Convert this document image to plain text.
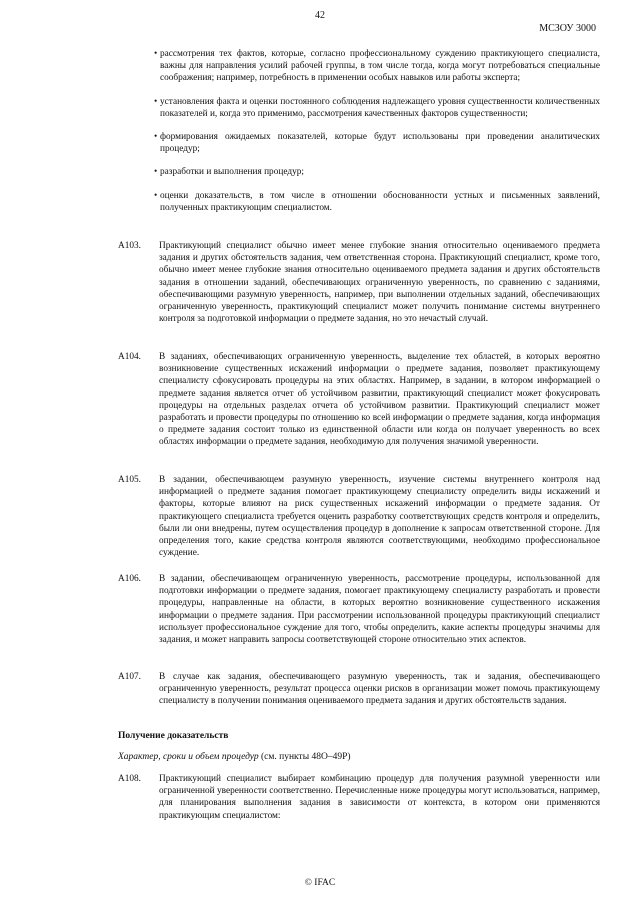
42
МСЗОУ 3000
• рассмотрения тех фактов, которые, согласно профессиональному суждению практикующего специалиста, важны для направления усилий рабочей группы, в том числе тогда, когда могут потребоваться специальные соображения; например, потребность в применении особых навыков или работы эксперта;
• установления факта и оценки постоянного соблюдения надлежащего уровня существенности количественных показателей и, когда это применимо, рассмотрения качественных факторов существенности;
• формирования ожидаемых показателей, которые будут использованы при проведении аналитических процедур;
• разработки и выполнения процедур;
• оценки доказательств, в том числе в отношении обоснованности устных и письменных заявлений, полученных практикующим специалистом.
A103. Практикующий специалист обычно имеет менее глубокие знания относительно оцениваемого предмета задания и других обстоятельств задания, чем ответственная сторона. Практикующий специалист, кроме того, обычно имеет менее глубокие знания относительно оцениваемого предмета задания и других обстоятельств задания в отношении заданий, обеспечивающих ограниченную уверенность, по сравнению с заданиями, обеспечивающими разумную уверенность, например, при выполнении отдельных заданий, обеспечивающих ограниченную уверенность, практикующий специалист может получить понимание системы внутреннего контроля за подготовкой информации о предмете задания, но это нечастый случай.
A104. В заданиях, обеспечивающих ограниченную уверенность, выделение тех областей, в которых вероятно возникновение существенных искажений информации о предмете задания, позволяет практикующему специалисту сфокусировать процедуры на этих областях. Например, в задании, в котором информацией о предмете задания является отчет об устойчивом развитии, практикующий специалист может фокусировать процедуры на отдельных разделах отчета об устойчивом развитии. Практикующий специалист может разработать и провести процедуры по отношению ко всей информации о предмете задания, когда информация о предмете задания состоит только из единственной области или когда он получает уверенность во всех областях информации о предмете задания, необходимую для получения значимой уверенности.
A105. В задании, обеспечивающем разумную уверенность, изучение системы внутреннего контроля над информацией о предмете задания помогает практикующему специалисту определить виды искажений и факторы, которые влияют на риск существенных искажений информации о предмете задания. От практикующего специалиста требуется оценить разработку соответствующих средств контроля и определить, были ли они внедрены, путем осуществления процедур в дополнение к запросам ответственной стороне. Для определения того, какие средства контроля являются соответствующими, необходимо профессиональное суждение.
A106. В задании, обеспечивающем ограниченную уверенность, рассмотрение процедуры, использованной для подготовки информации о предмете задания, помогает практикующему специалисту разработать и провести процедуры, направленные на области, в которых вероятно возникновение существенного искажения информации о предмете задания. При рассмотрении использованной процедуры практикующий специалист использует профессиональное суждение для того, чтобы определить, какие аспекты процедуры значимы для задания, и может направить запросы соответствующей стороне относительно этих аспектов.
A107. В случае как задания, обеспечивающего разумную уверенность, так и задания, обеспечивающего ограниченную уверенность, результат процесса оценки рисков в организации может помочь практикующему специалисту в получении понимания оцениваемого предмета задания и других обстоятельств задания.
Получение доказательств
Характер, сроки и объем процедур (см. пункты 48О–49Р)
A108. Практикующий специалист выбирает комбинацию процедур для получения разумной уверенности или ограниченной уверенности соответственно. Перечисленные ниже процедуры могут использоваться, например, для планирования выполнения задания в зависимости от контекста, в котором они применяются практикующим специалистом:
© IFAC
